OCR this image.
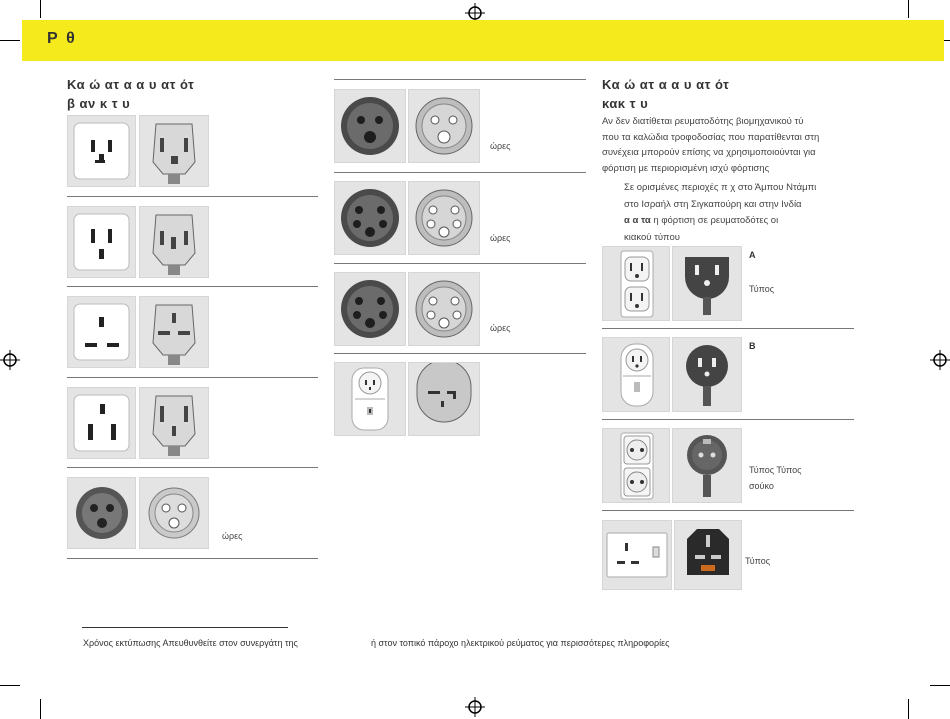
Ρ θ
Κα ώ ατ α α υ ατ ότ
β αν κ τ υ
ώρες
ώρες
ώρες
ώρες
Κα ώ ατ α α υ ατ ότ
κακ τ υ
Αν δεν διατίθεται ρευματοδότης βιομηχανικού τύ
που τα καλώδια τροφοδοσίας που παρατίθενται στη
συνέχεια μπορούν επίσης να χρησιμοποιούνται για
φόρτιση με περιορισμένη ισχύ φόρτισης
Σε ορισμένες περιοχές π χ στο Άμπου Ντάμπι
στο Ισραήλ στη Σιγκαπούρη και στην Ινδία
α α τα η φόρτιση σε ρευματοδότες οι
κιακού τύπου
Α
Τύπος
Β
Τύπος Τύπος
σούκο
Τύπος
Χρόνος εκτύπωσης Απευθυνθείτε στον συνεργάτη της	ή στον τοπικό πάροχο ηλεκτρικού ρεύματος για περισσότερες πληροφορίες
